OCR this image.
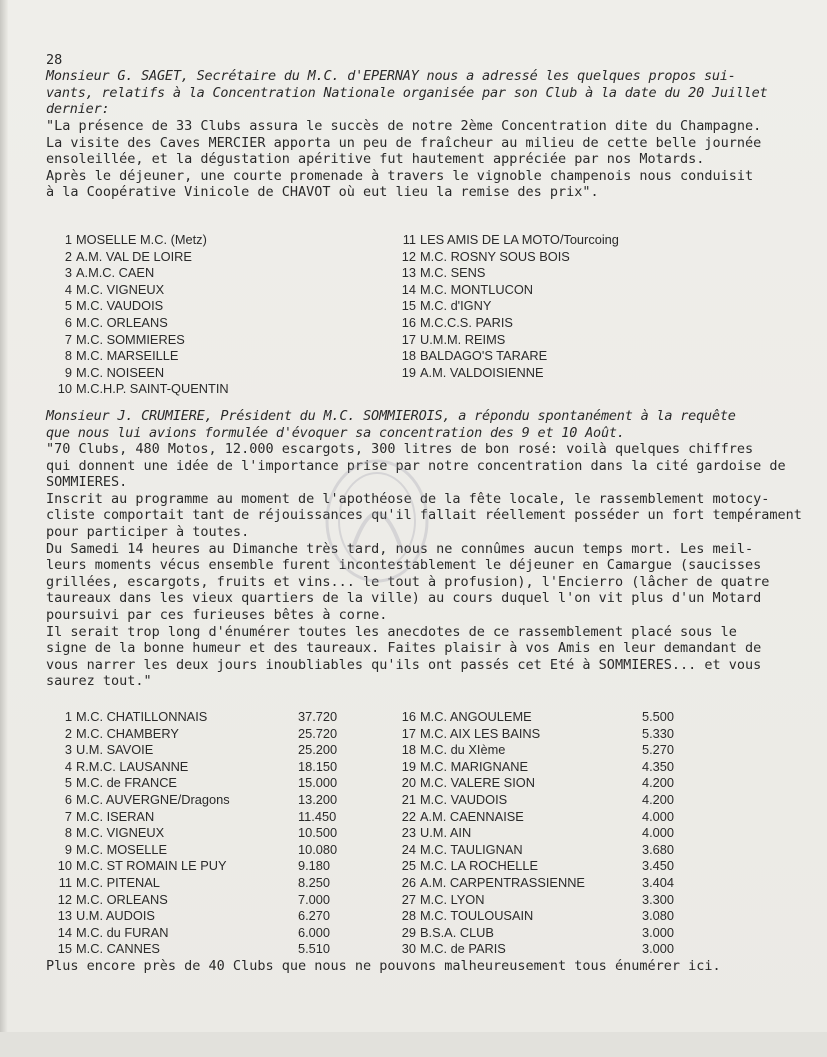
28

Monsieur G. SAGET, Secrétaire du M.C. d'EPERNAY nous a adressé les quelques propos sui-
vants, relatifs à la Concentration Nationale organisée par son Club à la date du 20 Juillet
dernier:

"La présence de 33 Clubs assura le succès de notre 2ème Concentration dite du Champagne.
La visite des Caves MERCIER apporta un peu de fraîcheur au milieu de cette belle journée
ensoleillée, et la dégustation apéritive fut hautement appréciée par nos Motards.
Après le déjeuner, une courte promenade à travers le vignoble champenois nous conduisit
à la Coopérative Vinicole de CHAVOT où eut lieu la remise des prix".

1 MOSELLE M.C. (Metz)
2 A.M. VAL DE LOIRE
3 A.M.C. CAEN
4 M.C. VIGNEUX
5 M.C. VAUDOIS
6 M.C. ORLEANS
7 M.C. SOMMIERES
8 M.C. MARSEILLE
9 M.C. NOISEEN
10 M.C.H.P. SAINT-QUENTIN
11 LES AMIS DE LA MOTO/Tourcoing
12 M.C. ROSNY SOUS BOIS
13 M.C. SENS
14 M.C. MONTLUCON
15 M.C. d'IGNY
16 M.C.C.S. PARIS
17 U.M.M. REIMS
18 BALDAGO'S TARARE
19 A.M. VALDOISIENNE

Monsieur J. CRUMIERE, Président du M.C. SOMMIEROIS, a répondu spontanément à la requête
que nous lui avions formulée d'évoquer sa concentration des 9 et 10 Août.

"70 Clubs, 480 Motos, 12.000 escargots, 300 litres de bon rosé: voilà quelques chiffres
qui donnent une idée de l'importance prise par notre concentration dans la cité gardoise de
SOMMIERES.
Inscrit au programme au moment de l'apothéose de la fête locale, le rassemblement motocy-
cliste comportait tant de réjouissances qu'il fallait réellement posséder un fort tempérament
pour participer à toutes.
Du Samedi 14 heures au Dimanche très tard, nous ne connûmes aucun temps mort. Les meil-
leurs moments vécus ensemble furent incontestablement le déjeuner en Camargue (saucisses
grillées, escargots, fruits et vins... le tout à profusion), l'Encierro (lâcher de quatre
taureaux dans les vieux quartiers de la ville) au cours duquel l'on vit plus d'un Motard
poursuivi par ces furieuses bêtes à corne.
Il serait trop long d'énumérer toutes les anecdotes de ce rassemblement placé sous le
signe de la bonne humeur et des taureaux. Faites plaisir à vos Amis en leur demandant de
vous narrer les deux jours inoubliables qu'ils ont passés cet Eté à SOMMIERES... et vous
saurez tout."

1 M.C. CHATILLONNAIS	37.720
2 M.C. CHAMBERY	25.720
3 U.M. SAVOIE	25.200
4 R.M.C. LAUSANNE	18.150
5 M.C. de FRANCE	15.000
6 M.C. AUVERGNE/Dragons	13.200
7 M.C. ISERAN	11.450
8 M.C. VIGNEUX	10.500
9 M.C. MOSELLE	10.080
10 M.C. ST ROMAIN LE PUY	9.180
11 M.C. PITENAL	8.250
12 M.C. ORLEANS	7.000
13 U.M. AUDOIS	6.270
14 M.C. du FURAN	6.000
15 M.C. CANNES	5.510
16 M.C. ANGOULEME	5.500
17 M.C. AIX LES BAINS	5.330
18 M.C. du XIème	5.270
19 M.C. MARIGNANE	4.350
20 M.C. VALERE SION	4.200
21 M.C. VAUDOIS	4.200
22 A.M. CAENNAISE	4.000
23 U.M. AIN	4.000
24 M.C. TAULIGNAN	3.680
25 M.C. LA ROCHELLE	3.450
26 A.M. CARPENTRASSIENNE	3.404
27 M.C. LYON	3.300
28 M.C. TOULOUSAIN	3.080
29 B.S.A. CLUB	3.000
30 M.C. de PARIS	3.000

Plus encore près de 40 Clubs que nous ne pouvons malheureusement tous énumérer ici.
